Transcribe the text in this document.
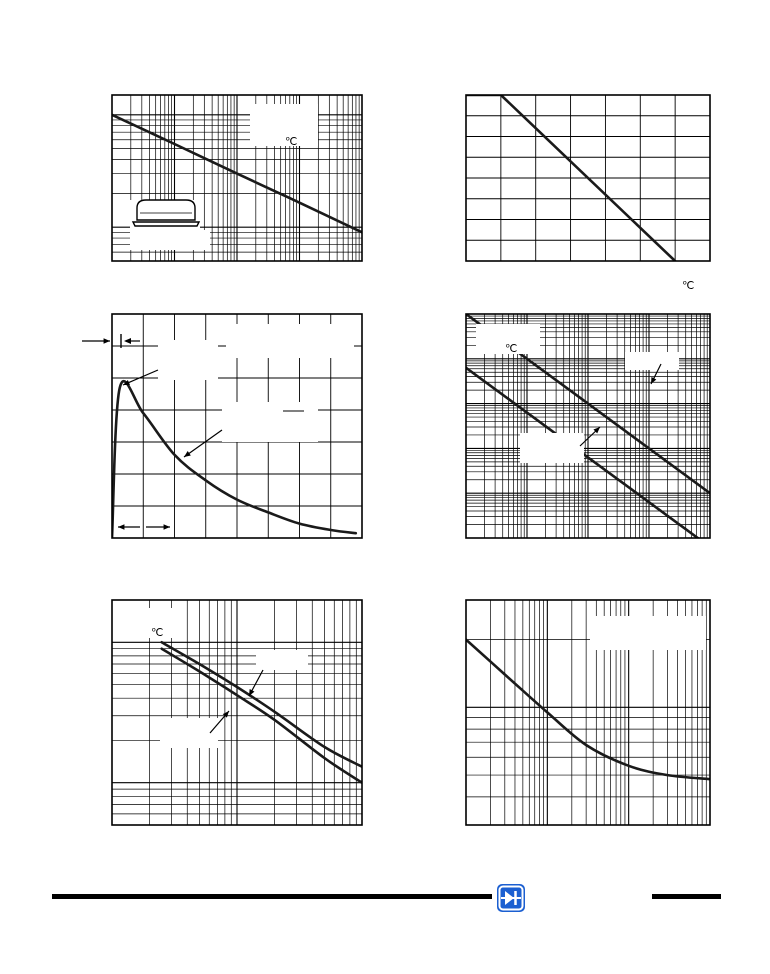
℃
℃
℃
℃
